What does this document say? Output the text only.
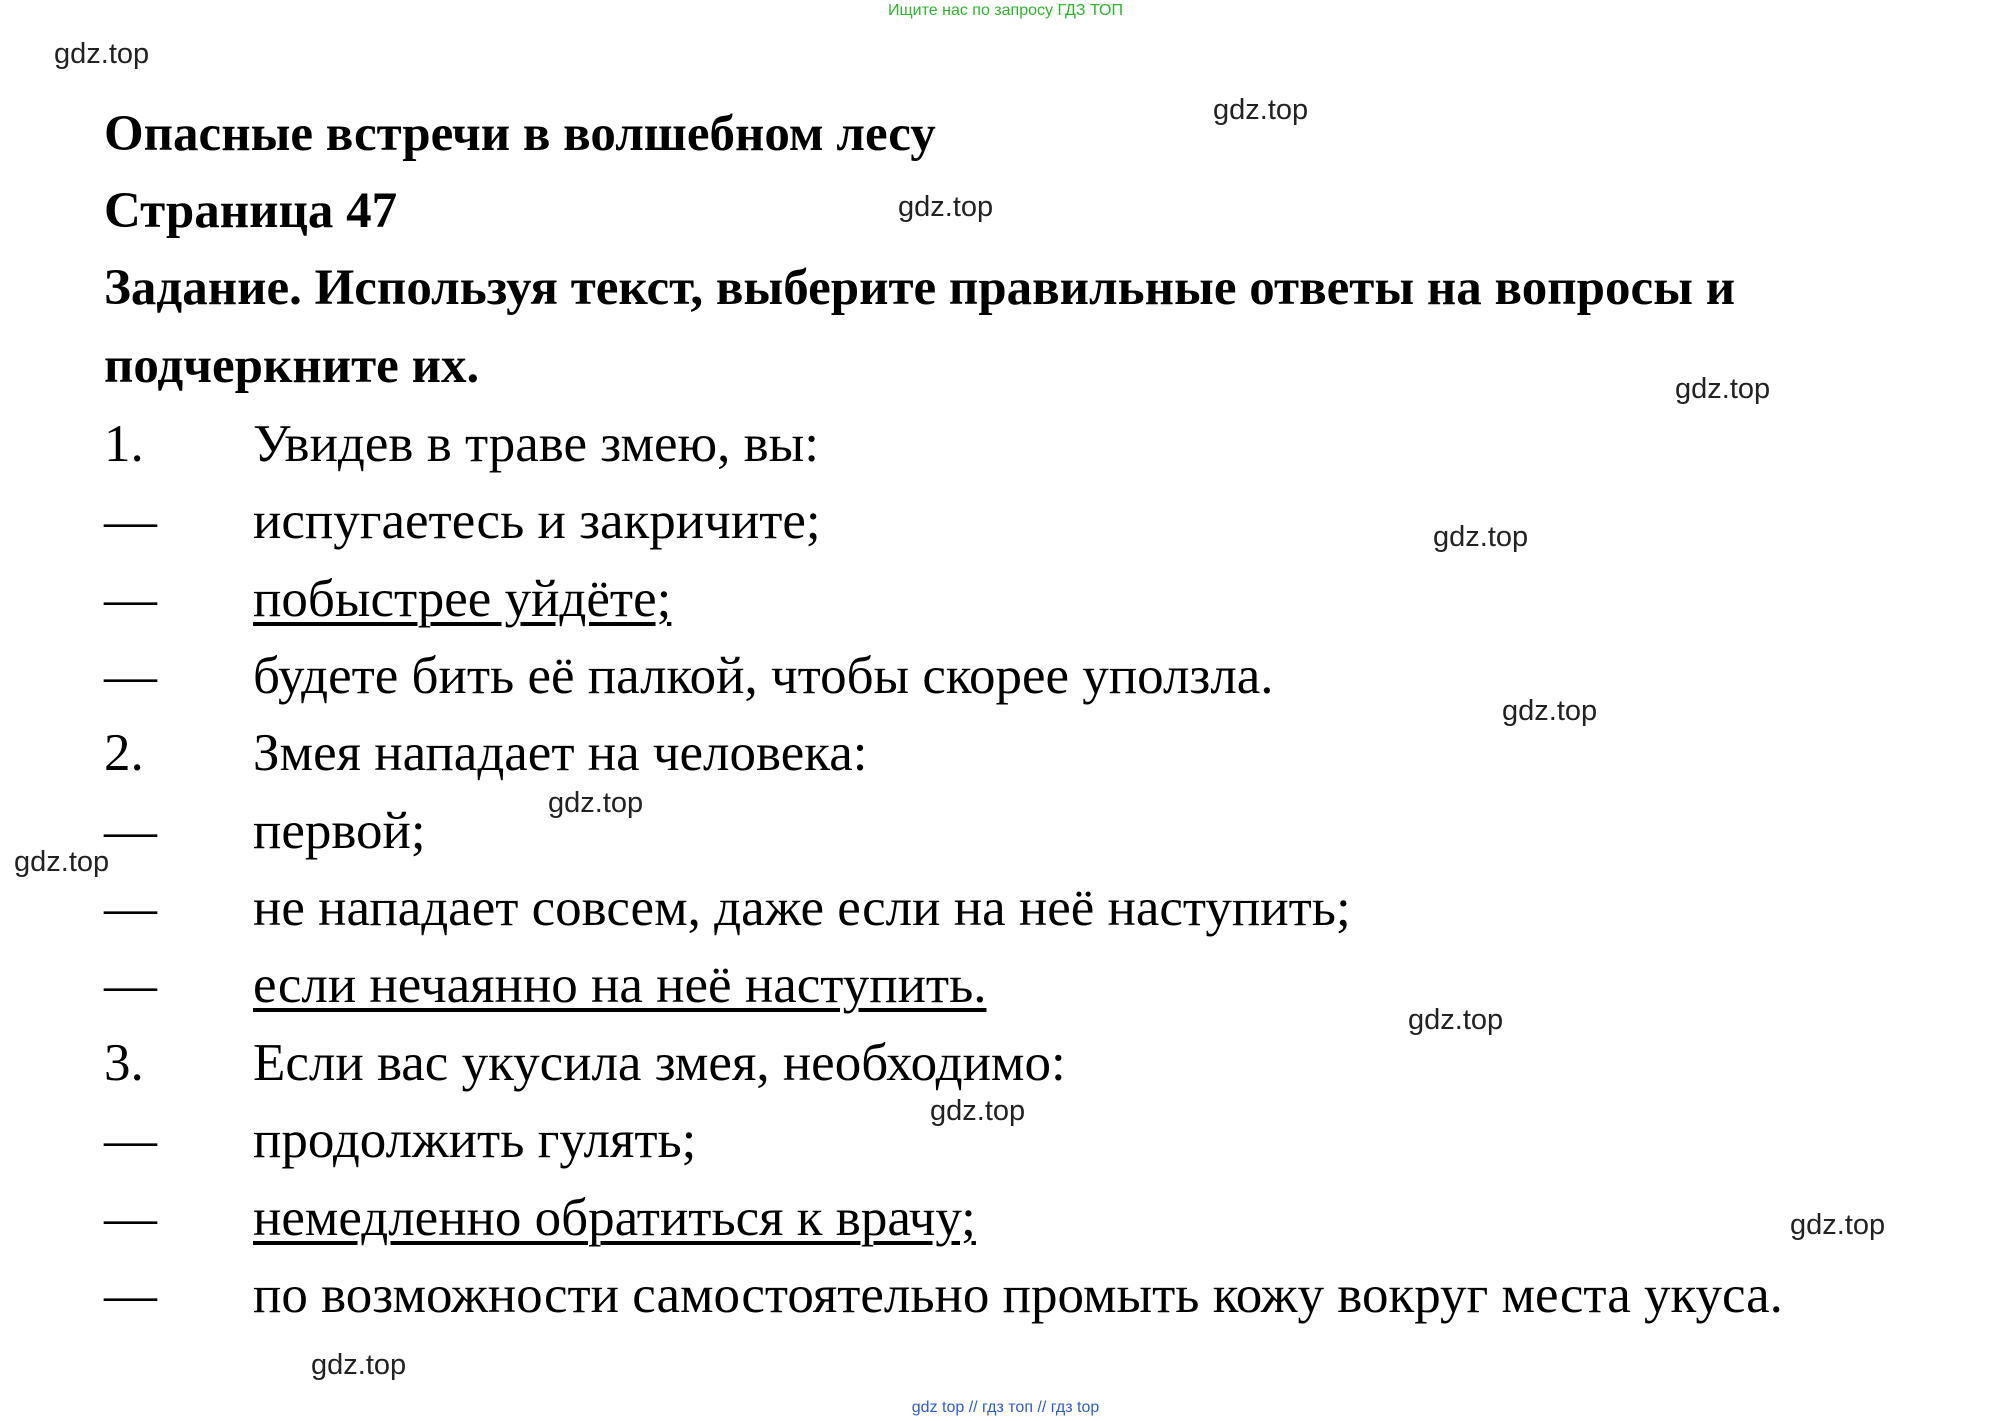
Ищите нас по запросу ГДЗ ТОП
gdz.top
gdz.top
gdz.top
gdz.top
gdz.top
gdz.top
gdz.top
gdz.top
gdz.top
gdz.top
gdz.top
gdz.top
Опасные встречи в волшебном лесу
Страница 47
Задание. Используя текст, выберите правильные ответы на вопросы и
подчеркните их.
1. Увидев в траве змею, вы:
— испугаетесь и закричите;
— побыстрее уйдёте;
— будете бить её палкой, чтобы скорее уползла.
2. Змея нападает на человека:
— первой;
— не нападает совсем, даже если на неё наступить;
— если нечаянно на неё наступить.
3. Если вас укусила змея, необходимо:
— продолжить гулять;
— немедленно обратиться к врачу;
— по возможности самостоятельно промыть кожу вокруг места укуса.
gdz top // гдз топ // гдз top
